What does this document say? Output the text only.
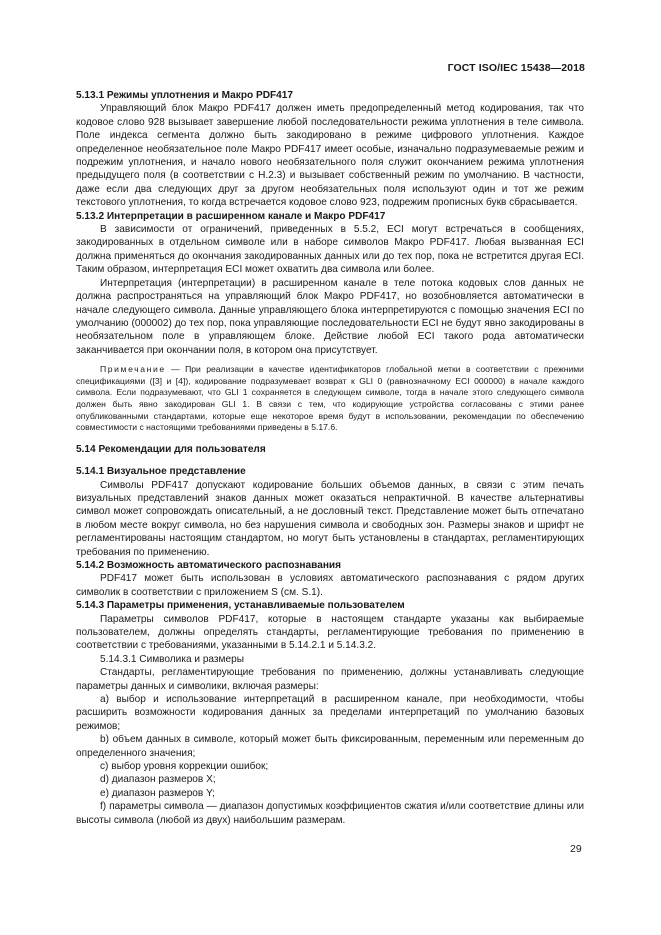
ГОСТ ISO/IEC 15438—2018

5.13.1 Режимы уплотнения и Макро PDF417

Управляющий блок Макро PDF417 должен иметь предопределенный метод кодирования, так что кодовое слово 928 вызывает завершение любой последовательности режима уплотнения в теле символа. Поле индекса сегмента должно быть закодировано в режиме цифрового уплотнения. Каждое определенное необязательное поле Макро PDF417 имеет особые, изначально подразумеваемые режим и подрежим уплотнения, и начало нового необязательного поля служит окончанием режима уплотнения предыдущего поля (в соответствии с Н.2.3) и вызывает собственный режим по умолчанию. В частности, даже если два следующих друг за другом необязательных поля используют один и тот же режим текстового уплотнения, то когда встречается кодовое слово 923, подрежим прописных букв сбрасывается.

5.13.2 Интерпретации в расширенном канале и Макро PDF417

В зависимости от ограничений, приведенных в 5.5.2, ECI могут встречаться в сообщениях, закодированных в отдельном символе или в наборе символов Макро PDF417. Любая вызванная ECI должна применяться до окончания закодированных данных или до тех пор, пока не встретится другая ECI. Таким образом, интерпретация ECI может охватить два символа или более.

Интерпретация (интерпретации) в расширенном канале в теле потока кодовых слов данных не должна распространяться на управляющий блок Макро PDF417, но возобновляется автоматически в начале следующего символа. Данные управляющего блока интерпретируются с помощью значения ECI по умолчанию (000002) до тех пор, пока управляющие последовательности ECI не будут явно закодированы в необязательном поле в управляющем блоке. Действие любой ECI такого рода автоматически заканчивается при окончании поля, в котором она присутствует.

Примечание — При реализации в качестве идентификаторов глобальной метки в соответствии с прежними спецификациями ([3] и [4]), кодирование подразумевает возврат к GLI 0 (равнозначному ECI 000000) в начале каждого символа. Если подразумевают, что GLI 1 сохраняется в следующем символе, тогда в начале этого следующего символа должен быть явно закодирован GLI 1. В связи с тем, что кодирующие устройства согласованы с этими ранее опубликованными стандартами, которые еще некоторое время будут в использовании, рекомендации по обеспечению совместимости с настоящими требованиями приведены в 5.17.6.

5.14 Рекомендации для пользователя

5.14.1 Визуальное представление

Символы PDF417 допускают кодирование больших объемов данных, в связи с этим печать визуальных представлений знаков данных может оказаться непрактичной. В качестве альтернативы символ может сопровождать описательный, а не дословный текст. Представление может быть отпечатано в любом месте вокруг символа, но без нарушения символа и свободных зон. Размеры знаков и шрифт не регламентированы настоящим стандартом, но могут быть установлены в стандартах, регламентирующих требования по применению.

5.14.2 Возможность автоматического распознавания

PDF417 может быть использован в условиях автоматического распознавания с рядом других символик в соответствии с приложением S (см. S.1).

5.14.3 Параметры применения, устанавливаемые пользователем

Параметры символов PDF417, которые в настоящем стандарте указаны как выбираемые пользователем, должны определять стандарты, регламентирующие требования по применению в соответствии с требованиями, указанными в 5.14.2.1 и 5.14.3.2.

5.14.3.1 Символика и размеры

Стандарты, регламентирующие требования по применению, должны устанавливать следующие параметры данных и символики, включая размеры:

a) выбор и использование интерпретаций в расширенном канале, при необходимости, чтобы расширить возможности кодирования данных за пределами интерпретаций по умолчанию базовых режимов;

b) объем данных в символе, который может быть фиксированным, переменным или переменным до определенного значения;

c) выбор уровня коррекции ошибок;

d) диапазон размеров X;

e) диапазон размеров Y;

f) параметры символа — диапазон допустимых коэффициентов сжатия и/или соответствие длины или высоты символа (любой из двух) наибольшим размерам.

29
